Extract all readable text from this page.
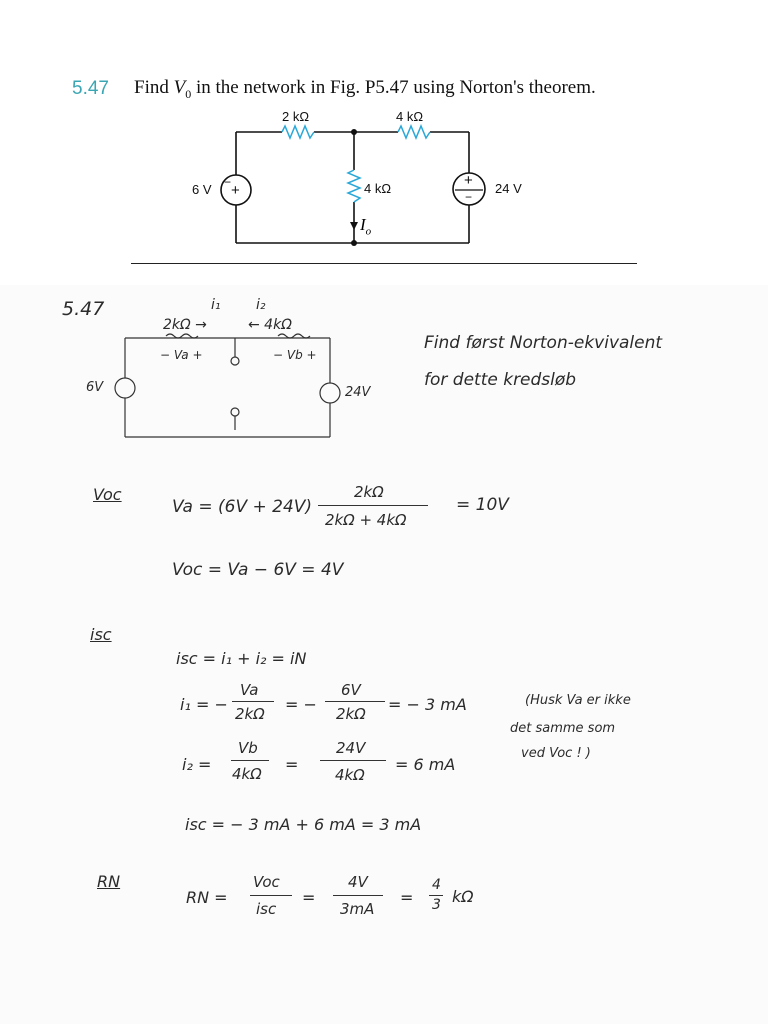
5.47 Find $V_0$ in the network in Fig. P5.47 using Norton's theorem.
2 kΩ	4 kΩ
4 kΩ
6 V	24 V
− +
+
−
$I_o$
5.47	i₁	i₂
2kΩ →	← 4kΩ
− Va +	− Vb +
6V	24V
Find først Norton-ekvivalent
for dette kredsløb
Voc
Va = (6V + 24V)
2kΩ
2kΩ + 4kΩ
= 10V
Voc = Va − 6V = 4V
isc
isc = i₁ + i₂ = iN
i₁ = −
Va
2kΩ = −
6V
2kΩ = − 3 mA	(Husk Va er ikke
det samme som
ved Voc ! )
i₂ =
Vb
4kΩ =
24V
4kΩ
= 6 mA
isc = − 3 mA + 6 mA = 3 mA
RN
RN =
Voc
isc
=
4V
3mA
=
4
3 kΩ
